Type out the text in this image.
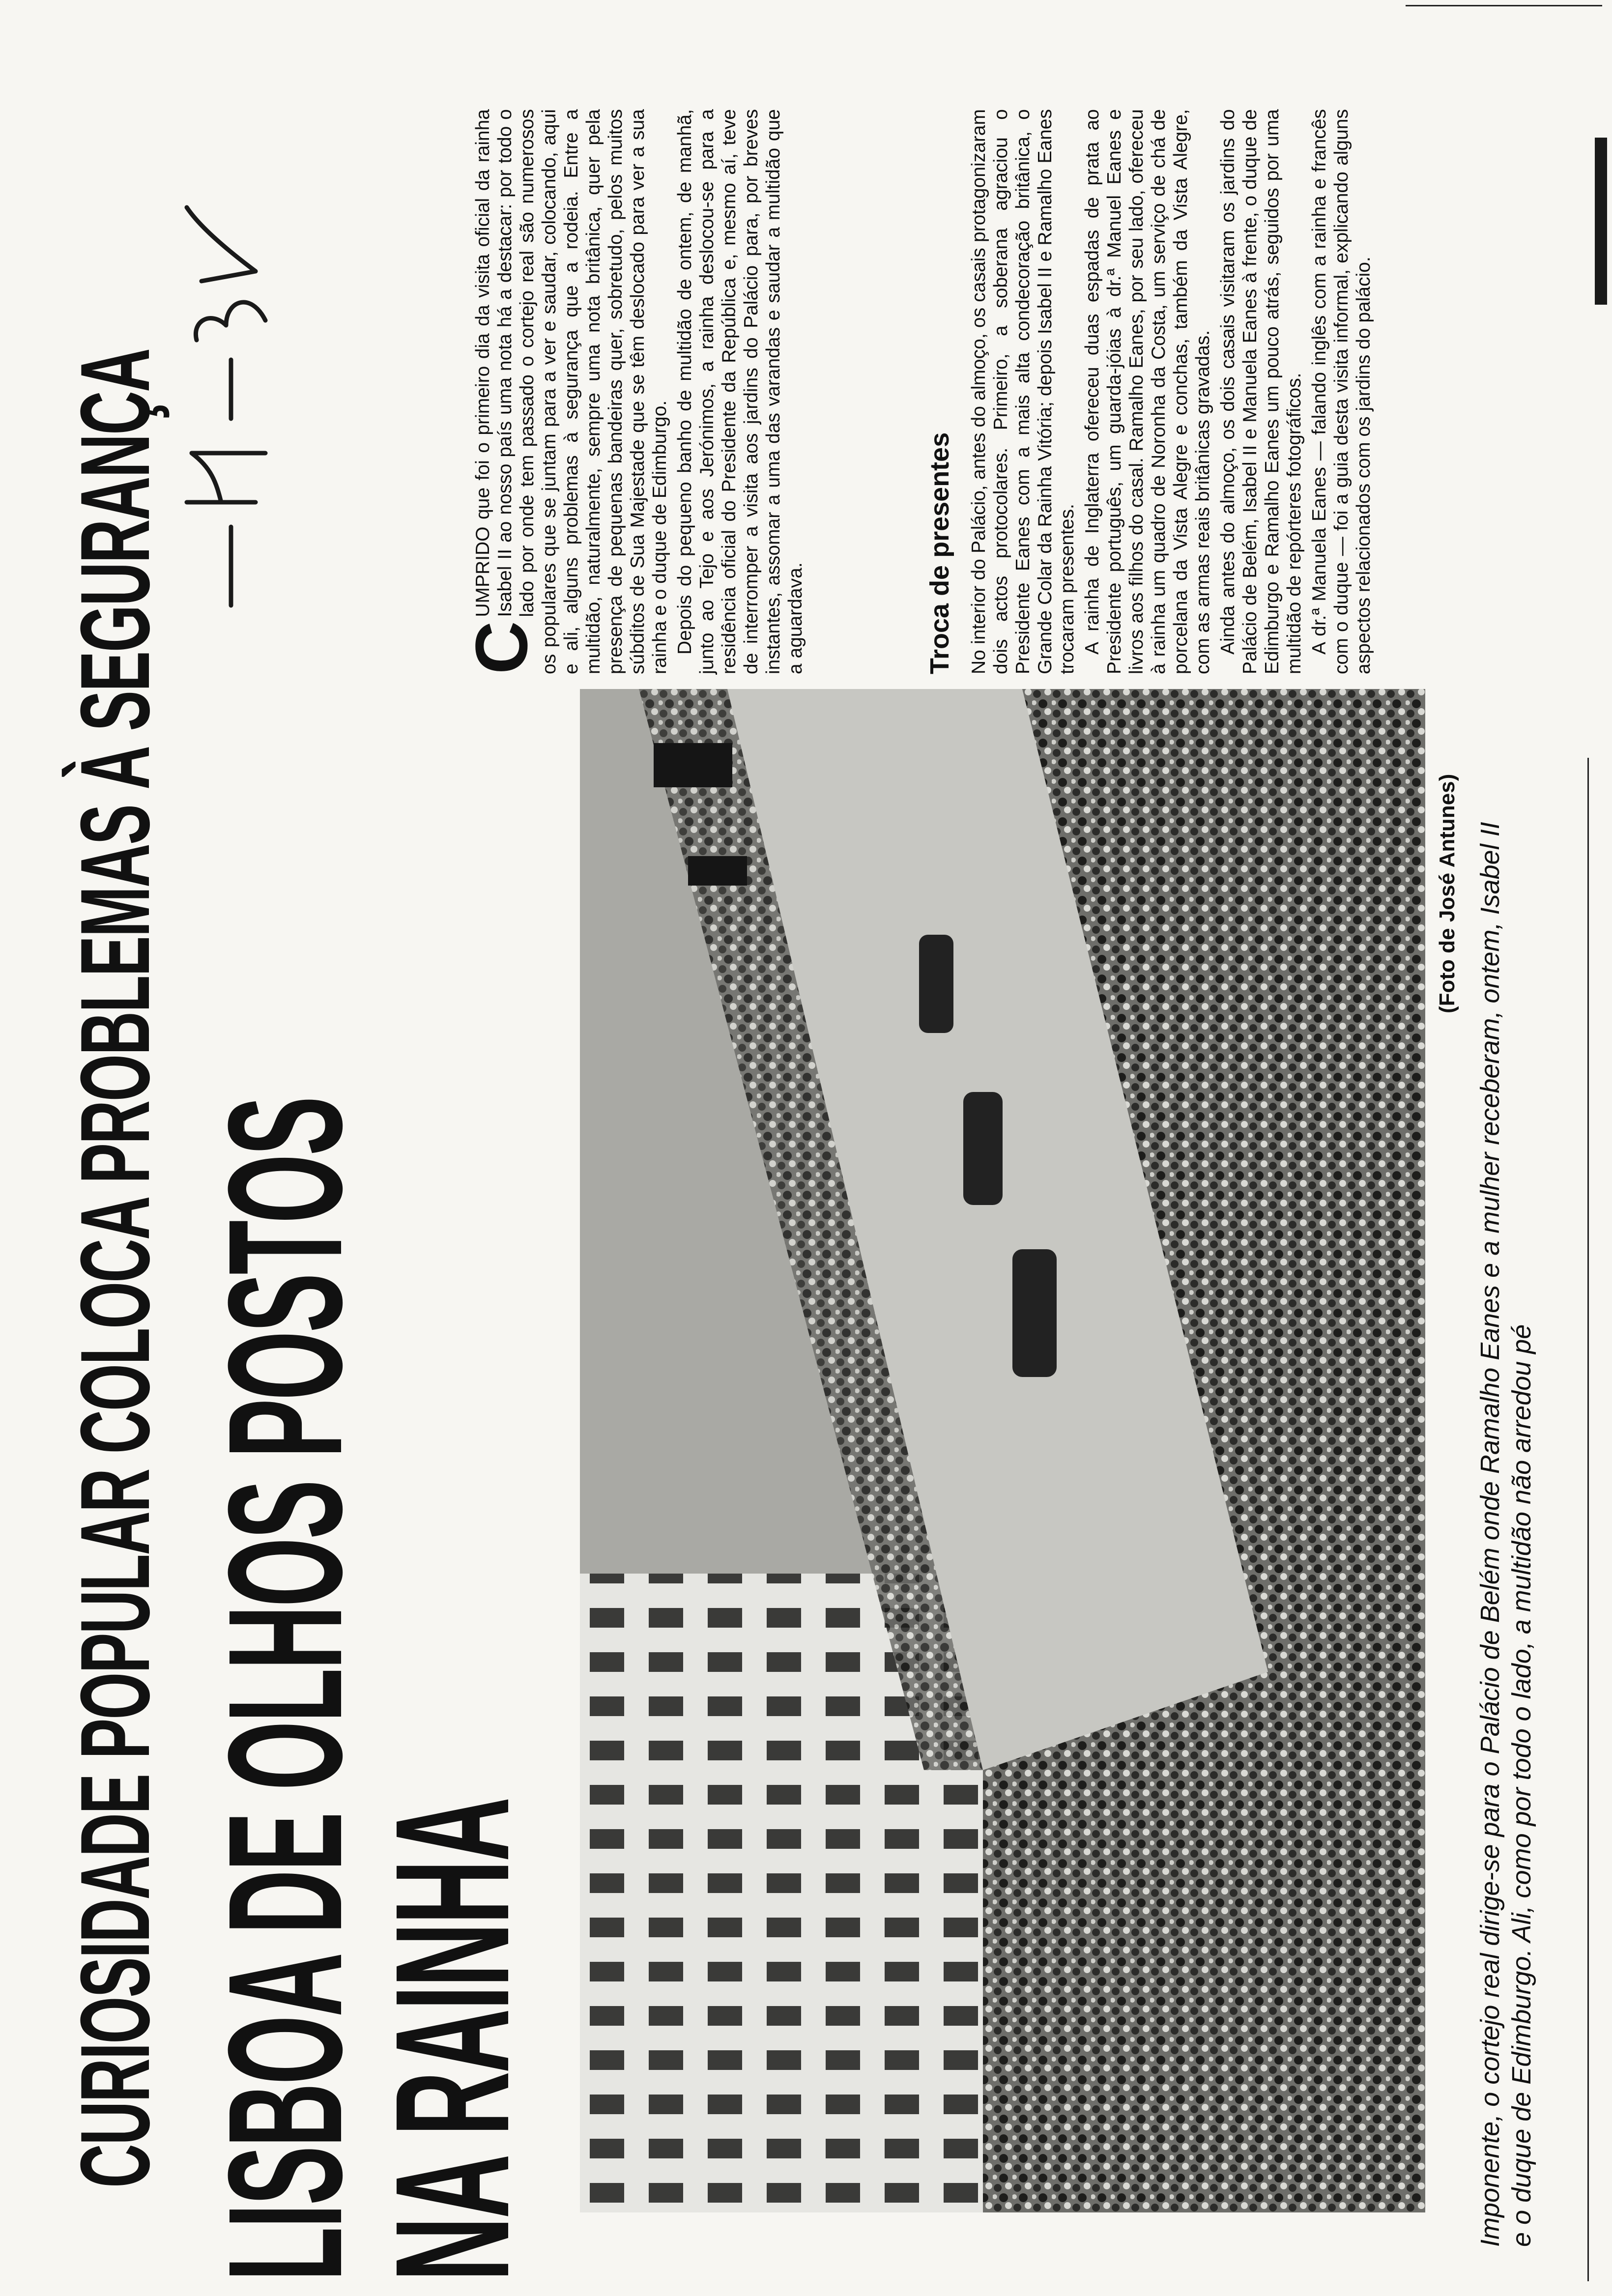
CURIOSIDADE POPULAR COLOCA PROBLEMAS À SEGURANÇA LISBOA DE OLHOS POSTOS
NA RAINHA
(Foto de José Antunes) Imponente, o cortejo real dirige-se para o Palácio de Belém onde Ramalho Eanes e a mulher receberam, ontem, Isabel II e o duque de Edimburgo. Ali, como por todo o lado, a multidão não arredou pé
C

UMPRIDO que foi o primeiro dia da visita oficial da rainha Isabel II ao nosso país uma nota há a destacar: por todo o lado por onde tem passado o cortejo real são numerosos os populares que se juntam para a ver e saudar, colocando, aqui e ali, alguns problemas à segurança que a rodeia. Entre a multidão, naturalmente, sempre uma nota britânica, quer pela presença de pequenas bandeiras quer, sobretudo, pelos muitos súbditos de Sua Majestade que se têm deslocado para ver a sua rainha e o duque de Edimburgo. Depois do pequeno banho de multidão de ontem, de manhã, junto ao Tejo e aos Jerónimos, a rainha deslocou-se para a residência oficial do Presidente da República e, mesmo aí, teve de interromper a visita aos jardins do Palácio para, por breves instantes, assomar a uma das varandas e saudar a multidão que a aguardava.	Troca de presentes No interior do Palácio, antes do almoço, os casais protagonizaram dois actos protocolares. Primeiro, a soberana agraciou o Presidente Eanes com a mais alta condecoração britânica, o Grande Colar da Rainha Vitória; depois Isabel II e Ramalho Eanes trocaram presentes. A rainha de Inglaterra ofereceu duas espadas de prata ao Presidente português, um guarda-jóias à dr.ª Manuel Eanes e livros aos filhos do casal. Ramalho Eanes, por seu lado, ofereceu à rainha um quadro de Noronha da Costa, um serviço de chá de porcelana da Vista Alegre e conchas, também da Vista Alegre, com as armas reais britânicas gravadas. Ainda antes do almoço, os dois casais visitaram os jardins do Palácio de Belém, Isabel II e Manuela Eanes à frente, o duque de Edimburgo e Ramalho Eanes um pouco atrás, seguidos por uma multidão de repórteres fotográficos. A dr.ª Manuela Eanes — falando inglês com a rainha e francês com o duque — foi a guia desta visita informal, explicando alguns aspectos relacionados com os jardins do palácio.
